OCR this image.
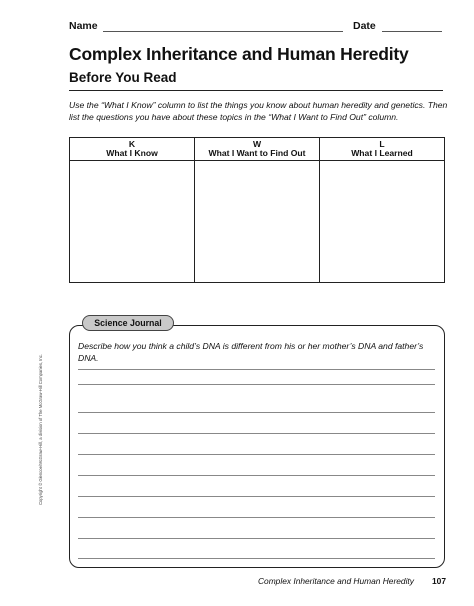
Name	Date
Complex Inheritance and Human Heredity
Before You Read
Use the “What I Know” column to list the things you know about human heredity and genetics. Then list the questions you have about these topics in the “What I Want to Find Out” column.
K
What I Know
W
What I Want to Find Out
L
What I Learned
Science Journal
Describe how you think a child’s DNA is different from his or her mother’s DNA and father’s DNA.
Copyright © Glencoe/McGraw-Hill, a division of The McGraw-Hill Companies, Inc.
Complex Inheritance and Human Heredity 107
